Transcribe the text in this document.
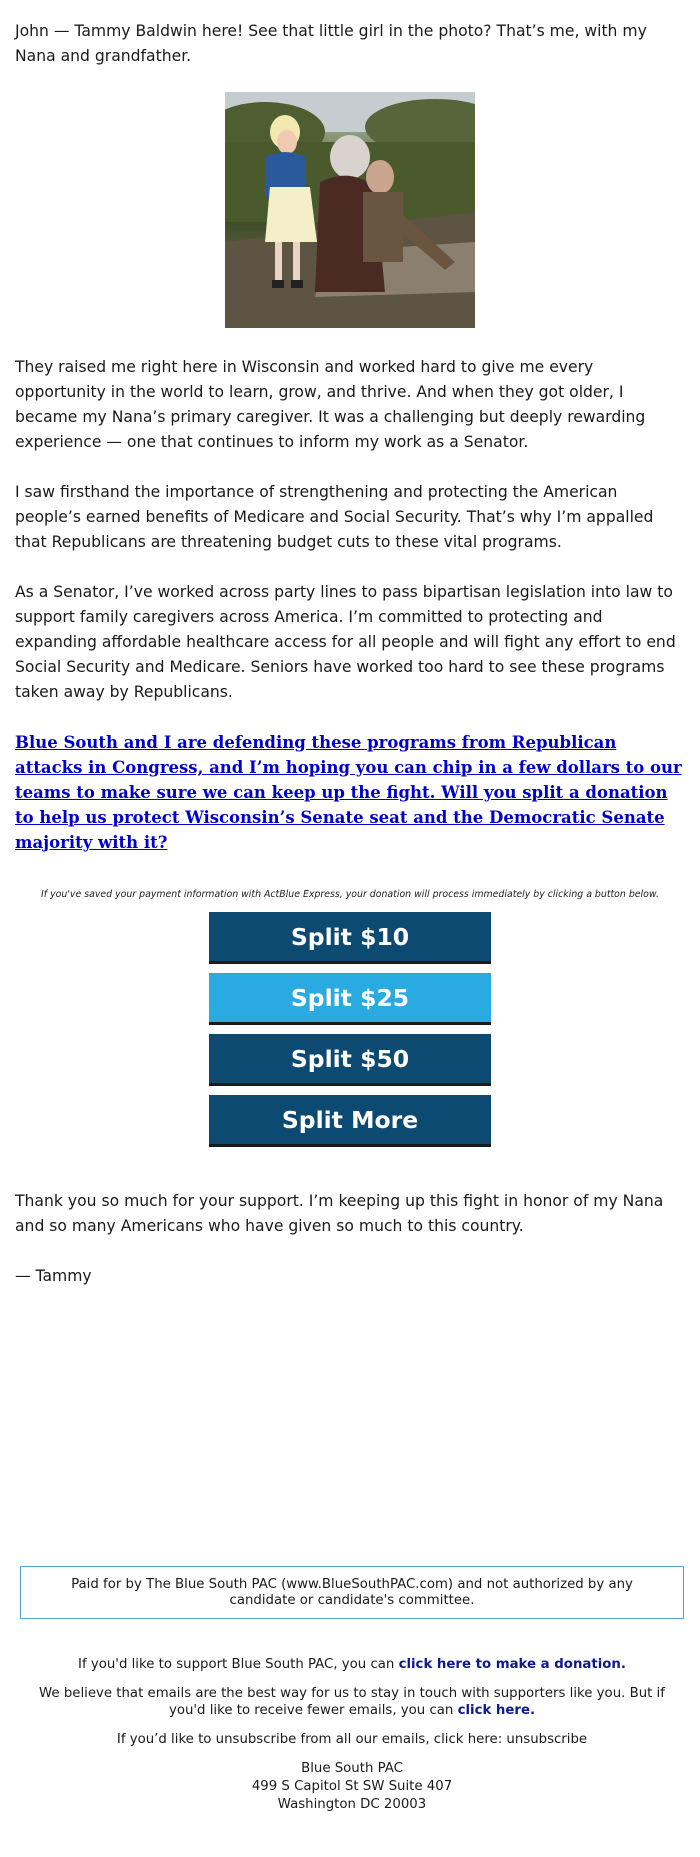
John — Tammy Baldwin here! See that little girl in the photo? That’s me, with my Nana and grandfather.

They raised me right here in Wisconsin and worked hard to give me every opportunity in the world to learn, grow, and thrive. And when they got older, I became my Nana’s primary caregiver. It was a challenging but deeply rewarding experience — one that continues to inform my work as a Senator.

I saw firsthand the importance of strengthening and protecting the American people’s earned benefits of Medicare and Social Security. That’s why I’m appalled that Republicans are threatening budget cuts to these vital programs.

As a Senator, I’ve worked across party lines to pass bipartisan legislation into law to support family caregivers across America. I’m committed to protecting and expanding affordable healthcare access for all people and will fight any effort to end Social Security and Medicare. Seniors have worked too hard to see these programs taken away by Republicans.

Blue South and I are defending these programs from Republican attacks in Congress, and I’m hoping you can chip in a few dollars to our teams to make sure we can keep up the fight. Will you split a donation to help us protect Wisconsin’s Senate seat and the Democratic Senate majority with it?

If you've saved your payment information with ActBlue Express, your donation will process immediately by clicking a button below.

Split $10
Split $25
Split $50
Split More

Thank you so much for your support. I’m keeping up this fight in honor of my Nana and so many Americans who have given so much to this country.

— Tammy

Paid for by The Blue South PAC (www.BlueSouthPAC.com) and not authorized by any candidate or candidate's committee.

If you'd like to support Blue South PAC, you can click here to make a donation.

We believe that emails are the best way for us to stay in touch with supporters like you. But if you'd like to receive fewer emails, you can click here.

If you’d like to unsubscribe from all our emails, click here: unsubscribe

Blue South PAC
499 S Capitol St SW Suite 407
Washington DC 20003
